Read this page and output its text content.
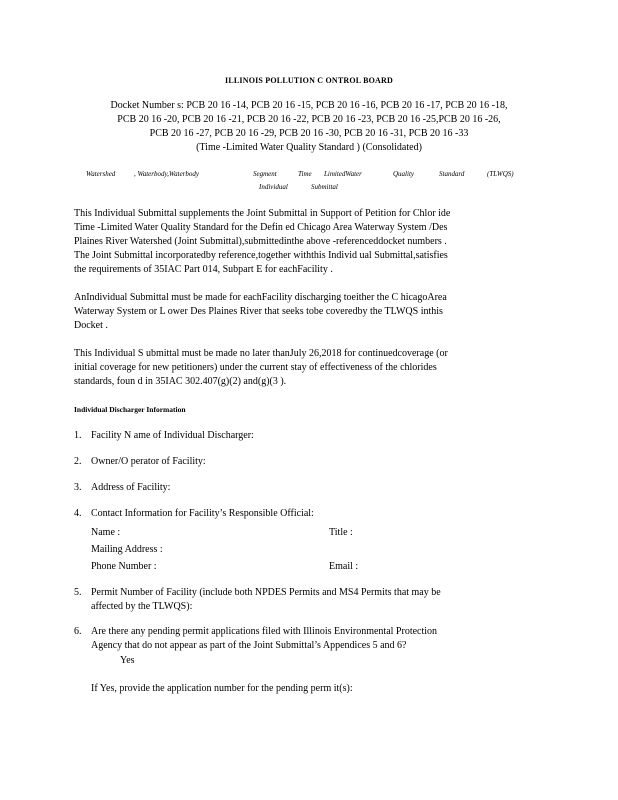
ILLINOIS POLLUTION C ONTROL BOARD
Docket Number s: PCB 20 16 -14, PCB 20 16 -15, PCB 20 16 -16, PCB 20 16 -17, PCB 20 16 -18,
PCB 20 16 -20, PCB 20 16 -21, PCB 20 16 -22, PCB 20 16 -23, PCB 20 16 -25,PCB 20 16 -26,
PCB 20 16 -27, PCB 20 16 -29, PCB 20 16 -30, PCB 20 16 -31, PCB 20 16 -33
(Time -Limited Water Quality Standard ) (Consolidated)
Watershed	, Waterbody,Waterbody	Segment
Individual
Time LimitedWater
Submittal
Quality	Standard	(TLWQS)
This Individual Submittal supplements the Joint Submittal in Support of Petition for Chlor ide
Time -Limited Water Quality Standard for the Defin ed Chicago Area Waterway System /Des
Plaines River Watershed (Joint Submittal),submittedinthe above -referenceddocket numbers .
The Joint Submittal incorporatedby reference,together withthis Individ ual Submittal,satisfies
the requirements of 35IAC Part 014, Subpart E for eachFacility .
AnIndividual Submittal must be made for eachFacility discharging toeither the C hicagoArea
Waterway System or L ower Des Plaines River that seeks tobe coveredby the TLWQS inthis
Docket .
This Individual S ubmittal must be made no later thanJuly 26,2018 for continuedcoverage (or
initial coverage for new petitioners) under the current stay of effectiveness of the chlorides
standards, foun d in 35IAC 302.407(g)(2) and(g)(3 ).
Individual Discharger Information
1. Facility N ame of Individual Discharger:
2. Owner/O perator of Facility:
3. Address of Facility:
4. Contact Information for Facility’s Responsible Official:
Name :	Title :
Mailing Address :
Phone Number :	Email :
5. Permit Number of Facility (include both NPDES Permits and MS4 Permits that may be
affected by the TLWQS):
6. Are there any pending permit applications filed with Illinois Environmental Protection
Agency that do not appear as part of the Joint Submittal’s Appendices 5 and 6?
Yes
If Yes, provide the application number for the pending perm it(s):
